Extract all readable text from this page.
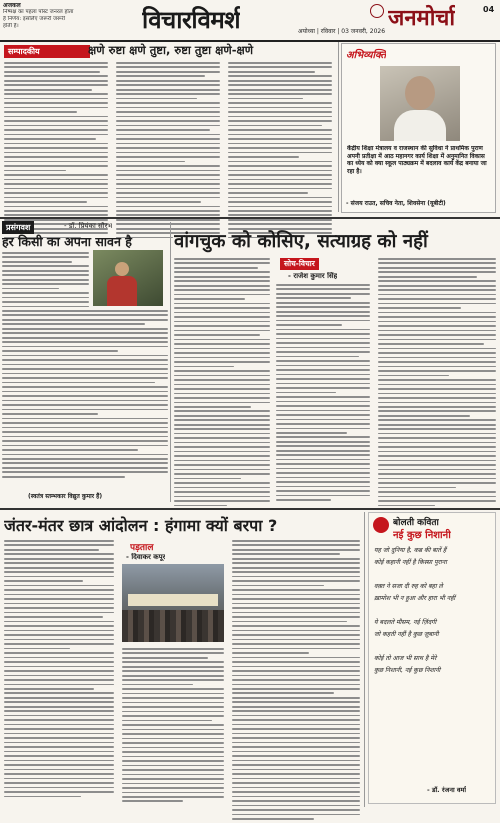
अजकल
निष्पक्ष का पहला पोस्ट जनरल होता
है निर्णय: इसलिए जरूरी जरूरी
होती है।	विचारविमर्श	अयोध्या | रविवार | 03 जनवरी, 2026
जनमोर्चा	04
सम्पादकीय	क्षणे रुष्टा क्षणे तुष्टा, रुष्टा तुष्टा क्षणे-क्षणे	अभिव्यक्ति
केंद्रीय शिक्षा मंत्रालय व राजस्थान की सुविधा ने प्राथमिक पुराण अपनी प्रतीक्षा में आठ महानगर कार्य शिक्षा में अनुमानित विकास का ध्येय को क्या स्कूल पाठ्यक्रम में बदलाव कार्य केंद्र बनाया जा रहा है।
- संजय राउत, सचिव नेता, शिवसेना (यूबीटी)
प्रसंगवश	- डॉ. प्रियंका सौरभ
हर किसी का अपना सावन है
(स्वतंत्र स्तम्भकार विद्युत कुमार हैं)
वांगचुक को कोसिए, सत्याग्रह को नहीं
सोच-विचार
- राजेश कुमार सिंह
जंतर-मंतर छात्र आंदोलन : हंगामा क्यों बरपा ?
पड़ताल
- दिवाकर कपूर
बोलती कविता
नई कुछ निशानी
यह जो दुनिया है, कब्र की बातें हैं
कोई कहानी नहीं है किस्सा पुराना
वक़्त ने सजा दी रुह को बहा ले
ख़ामोश भी न हुआ और हारा भी नहीं
ये बदलते मौसम, नई ज़िंदगी
जो कहती नहीं है कुछ ज़ुबानी
कोई तो आज भी साथ है मेरे
कुछ निशानी, नई कुछ निशानी
- डॉ. रंजना वर्मा
